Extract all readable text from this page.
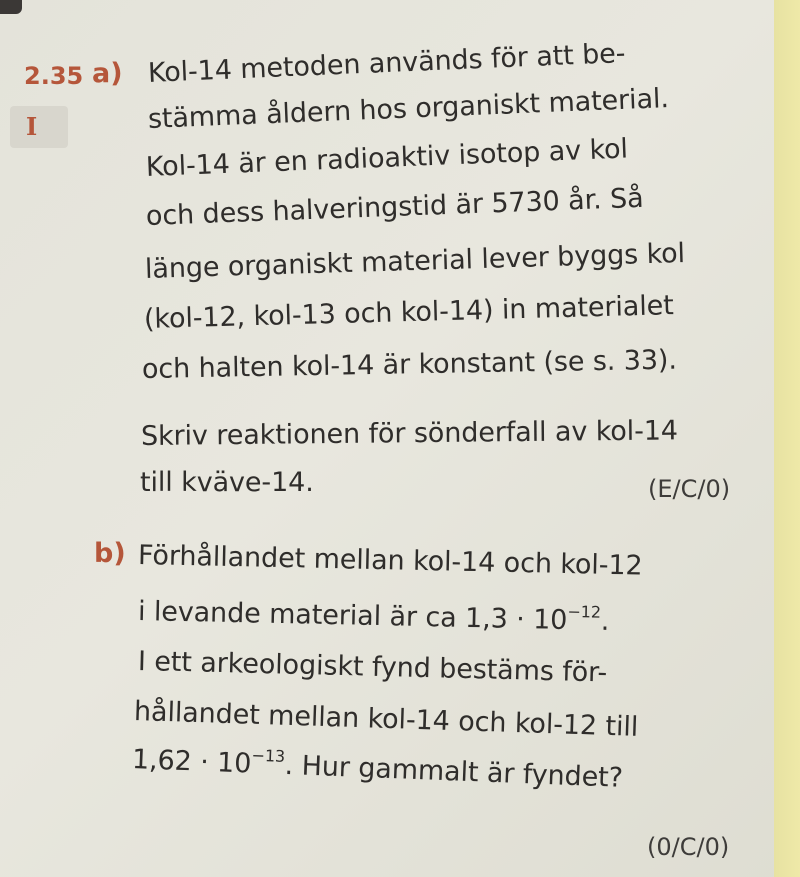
2.35
I
a) Kol-14 metoden används för att be-
stämma åldern hos organiskt material.
Kol-14 är en radioaktiv isotop av kol
och dess halveringstid är 5730 år. Så
länge organiskt material lever byggs kol
(kol-12, kol-13 och kol-14) in materialet
och halten kol-14 är konstant (se s. 33).
Skriv reaktionen för sönderfall av kol-14
till kväve-14.	(E/C/0)
b) Förhållandet mellan kol-14 och kol-12
i levande material är ca $1,3 \cdot 10^{-12}$.
I ett arkeologiskt fynd bestäms för-
hållandet mellan kol-14 och kol-12 till
$1,62 \cdot 10^{-13}$. Hur gammalt är fyndet?
(0/C/0)
